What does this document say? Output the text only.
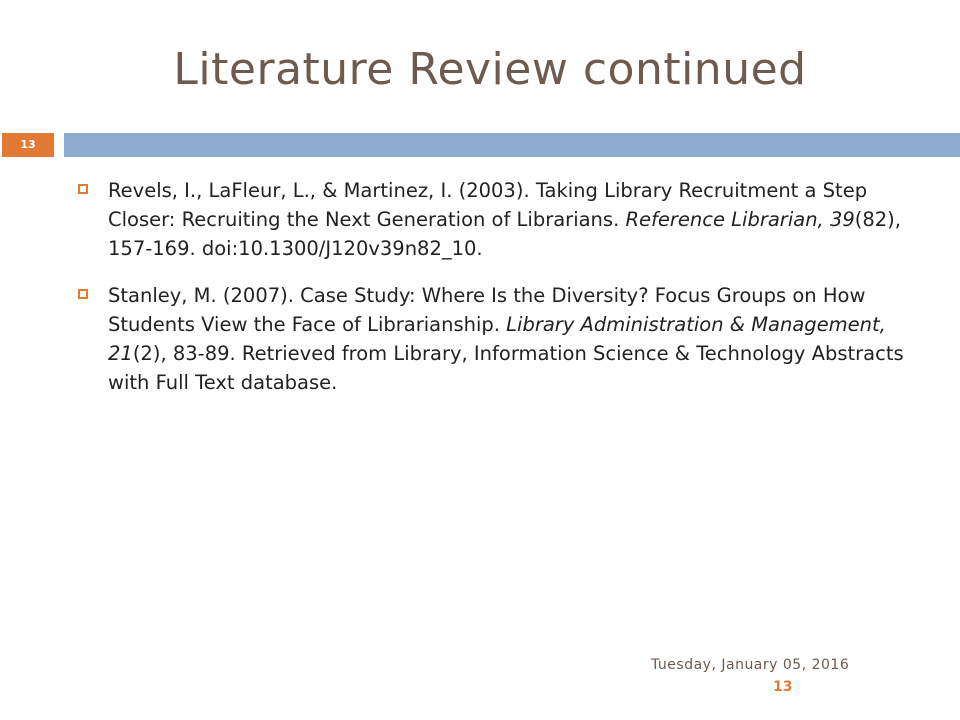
Literature Review continued
13
Revels, I., LaFleur, L., & Martinez, I. (2003). Taking Library Recruitment a Step Closer: Recruiting the Next Generation of Librarians. Reference Librarian, 39(82), 157-169. doi:10.1300/J120v39n82_10.
Stanley, M. (2007). Case Study: Where Is the Diversity? Focus Groups on How Students View the Face of Librarianship. Library Administration & Management, 21(2), 83-89. Retrieved from Library, Information Science & Technology Abstracts with Full Text database.
Tuesday, January 05, 2016
13
